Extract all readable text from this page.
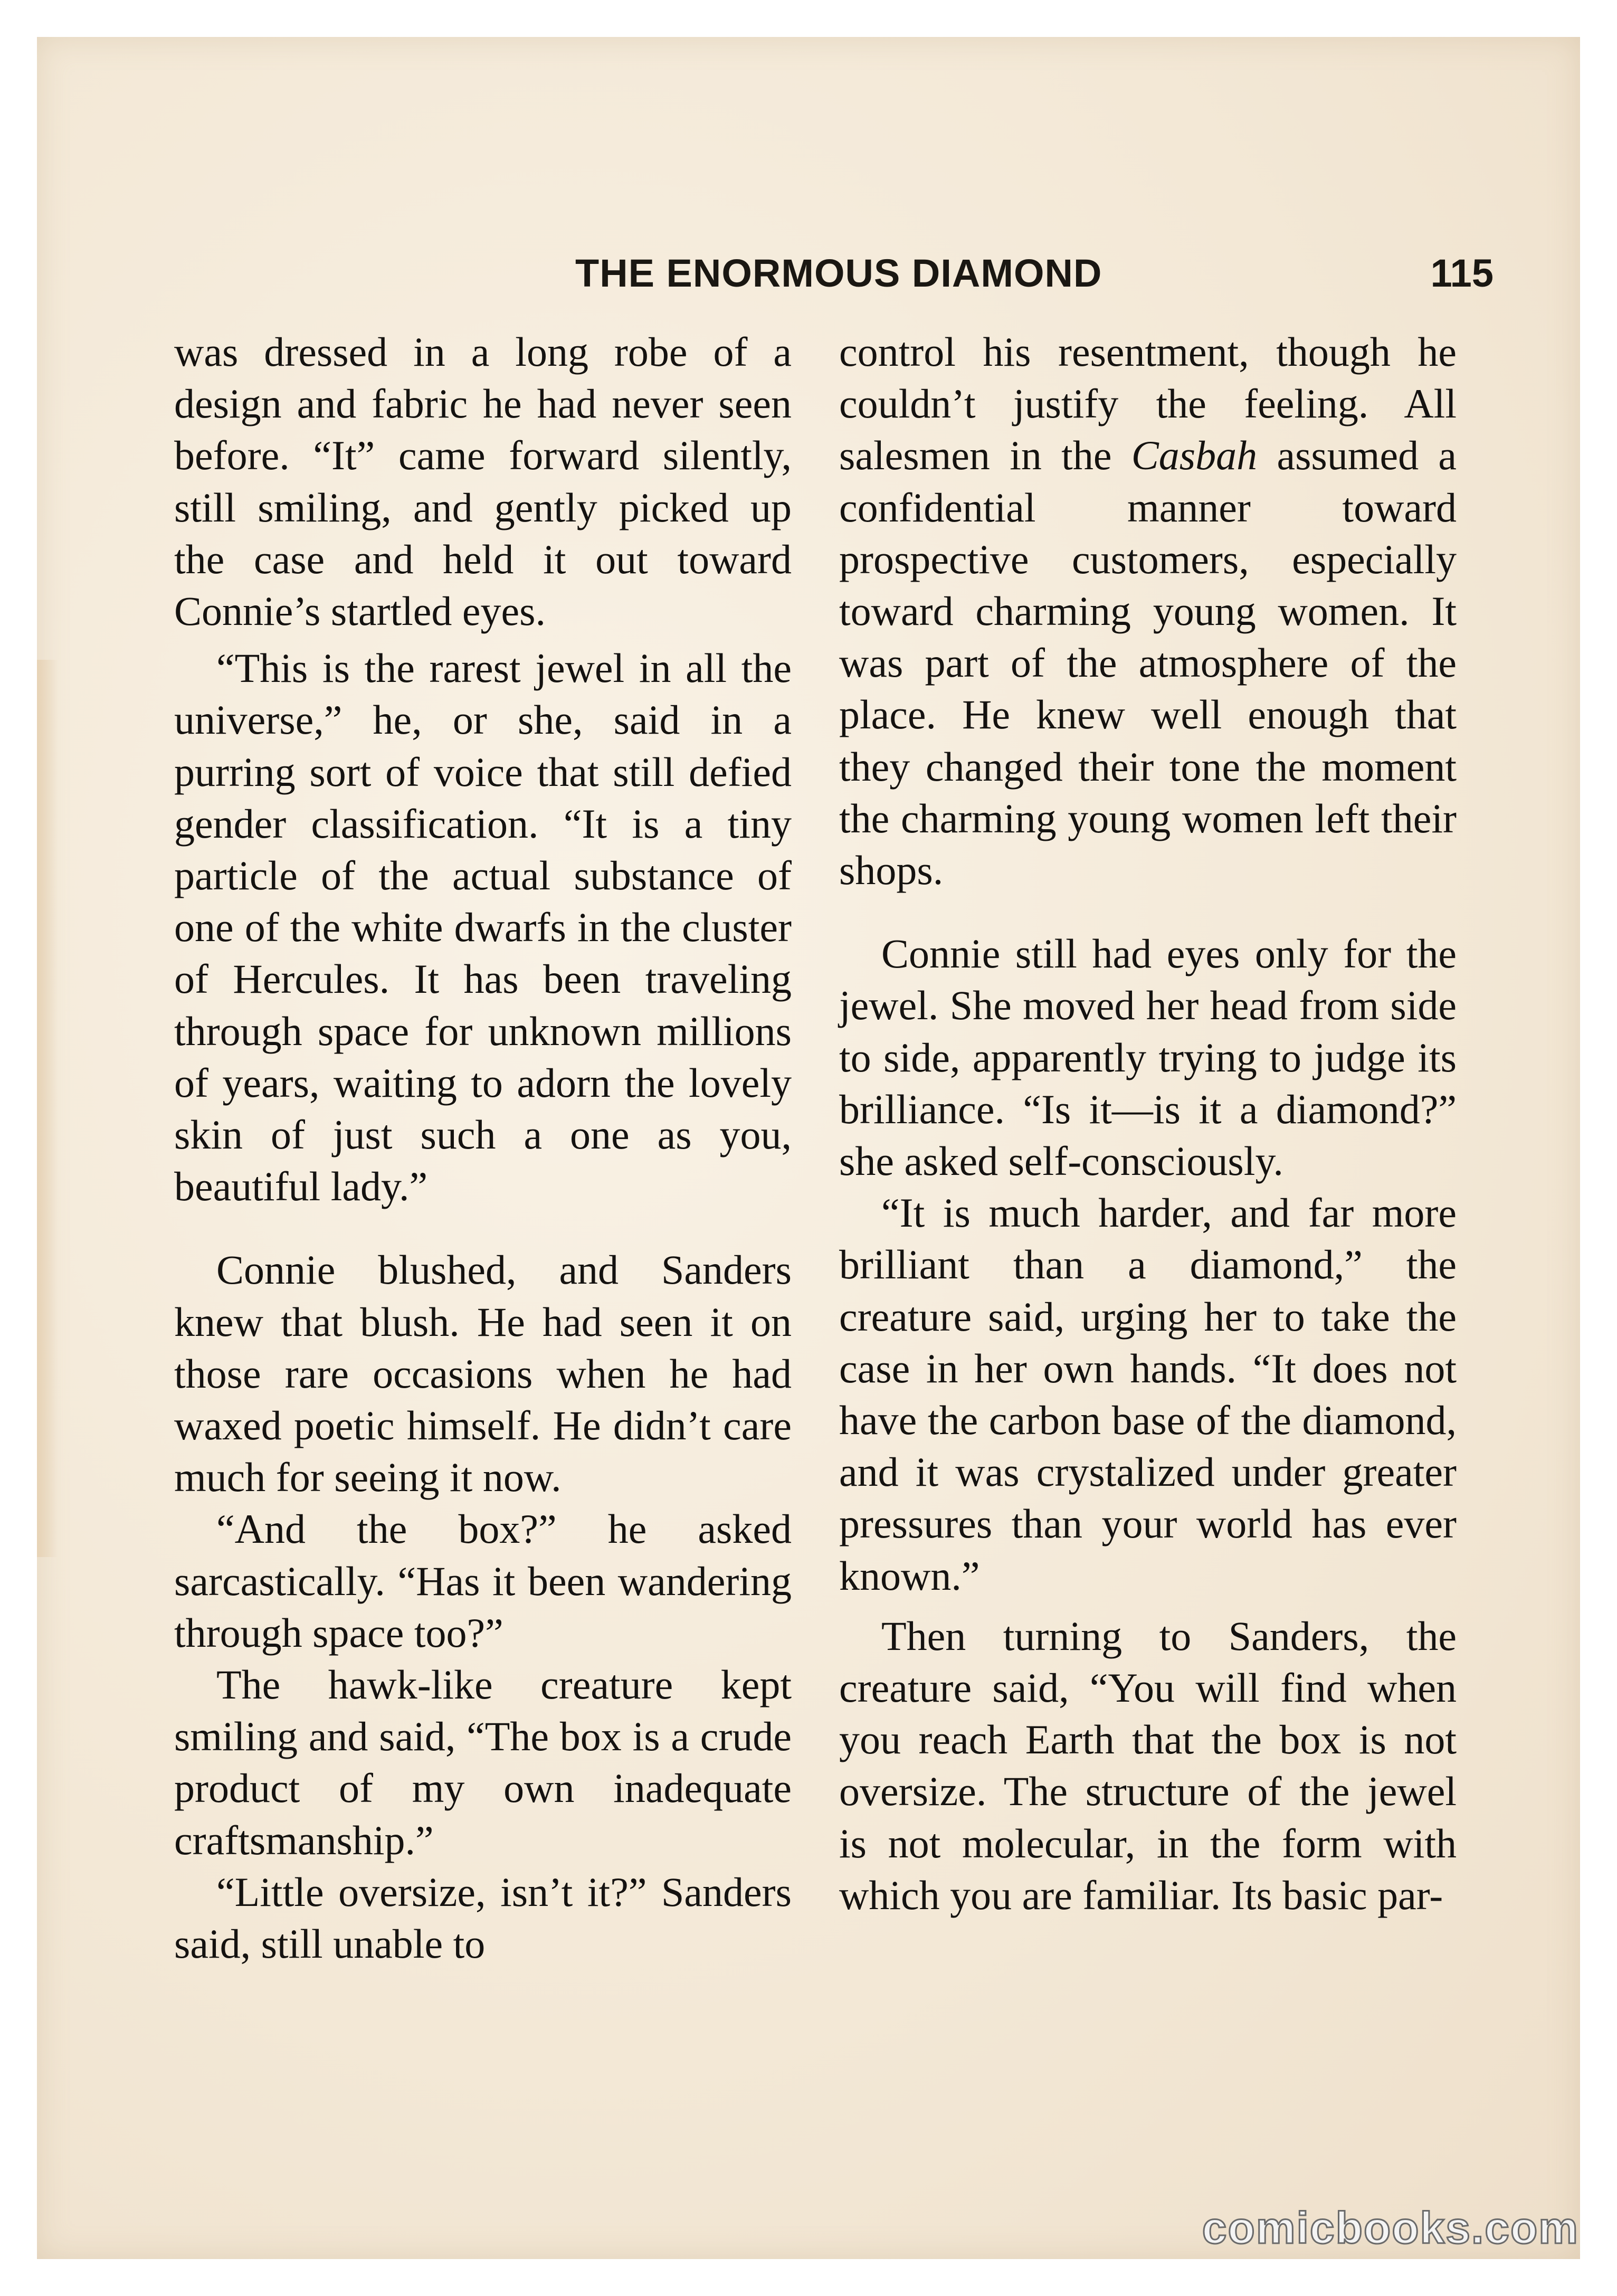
THE ENORMOUS DIAMOND	115

was dressed in a long robe of a design and fabric he had never seen before. “It” came forward silently, still smiling, and gently picked up the case and held it out toward Connie’s startled eyes.

“This is the rarest jewel in all the universe,” he, or she, said in a purring sort of voice that still defied gender classification. “It is a tiny particle of the actual substance of one of the white dwarfs in the cluster of Hercules. It has been traveling through space for unknown millions of years, waiting to adorn the lovely skin of just such a one as you, beautiful lady.”

Connie blushed, and Sanders knew that blush. He had seen it on those rare occasions when he had waxed poetic himself. He didn’t care much for seeing it now.

“And the box?” he asked sarcastically. “Has it been wandering through space too?”

The hawk-like creature kept smiling and said, “The box is a crude product of my own inadequate craftsmanship.”

“Little oversize, isn’t it?” Sanders said, still unable to

control his resentment, though he couldn’t justify the feeling. All salesmen in the Casbah assumed a confidential manner toward prospective customers, especially toward charming young women. It was part of the atmosphere of the place. He knew well enough that they changed their tone the moment the charming young women left their shops.

Connie still had eyes only for the jewel. She moved her head from side to side, apparently trying to judge its brilliance. “Is it—is it a diamond?” she asked self-consciously.

“It is much harder, and far more brilliant than a diamond,” the creature said, urging her to take the case in her own hands. “It does not have the carbon base of the diamond, and it was crystalized under greater pressures than your world has ever known.”

Then turning to Sanders, the creature said, “You will find when you reach Earth that the box is not oversize. The structure of the jewel is not molecular, in the form with which you are familiar. Its basic par-

comicbooks.com
